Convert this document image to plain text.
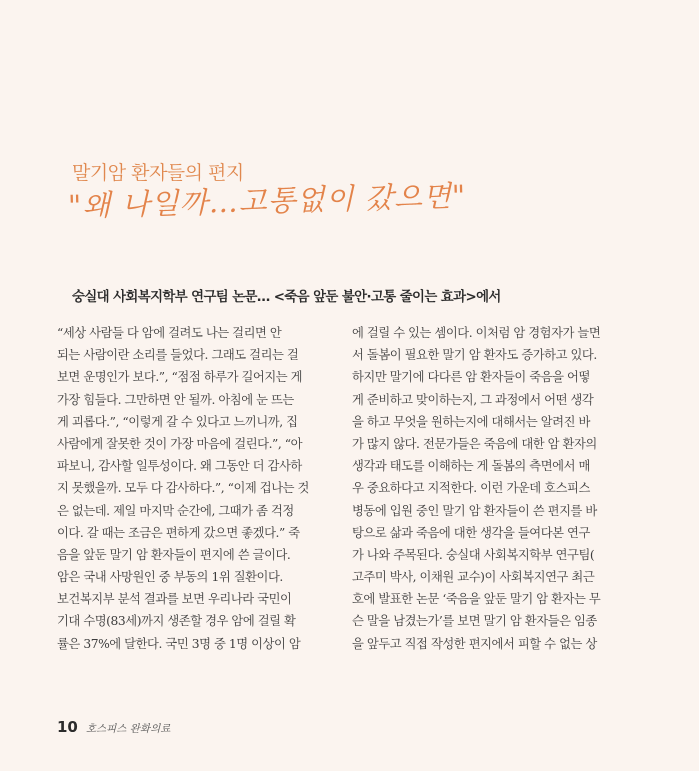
말기암 환자들의 편지
"왜 나일까…고통없이 갔으면"
숭실대 사회복지학부 연구팀 논문… <죽음 앞둔 불안·고통 줄이는 효과>에서
“세상 사람들 다 암에 걸려도 나는 걸리면 안
되는 사람이란 소리를 들었다. 그래도 걸리는 걸
보면 운명인가 보다.”, “점점 하루가 길어지는 게
가장 힘들다. 그만하면 안 될까. 아침에 눈 뜨는
게 괴롭다.”, “이렇게 갈 수 있다고 느끼니까, 집
사람에게 잘못한 것이 가장 마음에 걸린다.”, “아
파보니, 감사할 일투성이다. 왜 그동안 더 감사하
지 못했을까. 모두 다 감사하다.”, “이제 겁나는 것
은 없는데. 제일 마지막 순간에, 그때가 좀 걱정
이다. 갈 때는 조금은 편하게 갔으면 좋겠다.” 죽
음을 앞둔 말기 암 환자들이 편지에 쓴 글이다.
암은 국내 사망원인 중 부동의 1위 질환이다.
보건복지부 분석 결과를 보면 우리나라 국민이
기대 수명(83세)까지 생존할 경우 암에 걸릴 확
률은 37%에 달한다. 국민 3명 중 1명 이상이 암
에 걸릴 수 있는 셈이다. 이처럼 암 경험자가 늘면
서 돌봄이 필요한 말기 암 환자도 증가하고 있다.
하지만 말기에 다다른 암 환자들이 죽음을 어떻
게 준비하고 맞이하는지, 그 과정에서 어떤 생각
을 하고 무엇을 원하는지에 대해서는 알려진 바
가 많지 않다. 전문가들은 죽음에 대한 암 환자의
생각과 태도를 이해하는 게 돌봄의 측면에서 매
우 중요하다고 지적한다. 이런 가운데 호스피스
병동에 입원 중인 말기 암 환자들이 쓴 편지를 바
탕으로 삶과 죽음에 대한 생각을 들여다본 연구
가 나와 주목된다. 숭실대 사회복지학부 연구팀(
고주미 박사, 이채원 교수)이 사회복지연구 최근
호에 발표한 논문 ‘죽음을 앞둔 말기 암 환자는 무
슨 말을 남겼는가’를 보면 말기 암 환자들은 임종
을 앞두고 직접 작성한 편지에서 피할 수 없는 상
10 호스피스 완화의료
